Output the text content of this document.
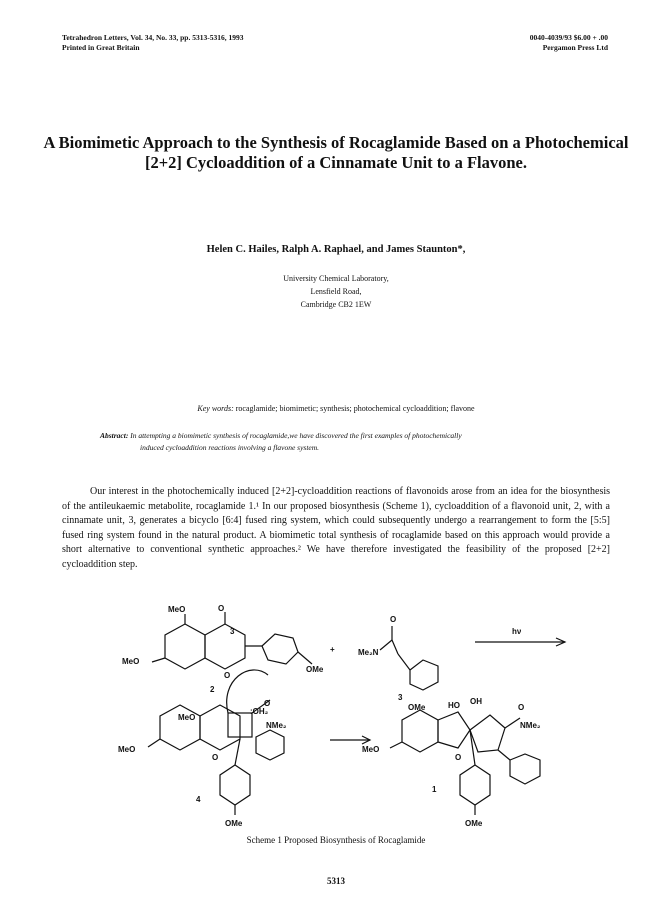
Tetrahedron Letters, Vol. 34, No. 33, pp. 5313-5316, 1993
Printed in Great Britain
0040-4039/93 $6.00 + .00
Pergamon Press Ltd
A Biomimetic Approach to the Synthesis of Rocaglamide Based on a Photochemical [2+2] Cycloaddition of a Cinnamate Unit to a Flavone.
Helen C. Hailes, Ralph A. Raphael, and James Staunton*,
University Chemical Laboratory,
Lensfield Road,
Cambridge CB2 1EW
Key words: rocaglamide; biomimetic; synthesis; photochemical cycloaddition; flavone
Abstract: In attempting a biomimetic synthesis of rocaglamide,we have discovered the first examples of photochemically
induced cycloaddition reactions involving a flavone system.

Our interest in the photochemically induced [2+2]-cycloaddition reactions of flavonoids arose from an idea for the biosynthesis of the antileukaemic metabolite, rocaglamide 1.¹ In our proposed biosynthesis (Scheme 1), cycloaddition of a flavonoid unit, 2, with a cinnamate unit, 3, generates a bicyclo [6:4] fused ring system, which could subsequently undergo a rearrangement to form the [5:5] fused ring system found in the natural product. A biomimetic total synthesis of rocaglamide based on this approach would provide a short alternative to conventional synthetic approaches.² We have therefore investigated the feasibility of the proposed [2+2] cycloaddition step.

MeO	O
3
MeO
O
OMe
2
+
O
Me₂N
3
hν
:OH₂
MeO
O
NMe₂
MeO
O
4
OMe
OMe	HO OH
O
NMe₂
MeO
O
1
OMe
Scheme 1 Proposed Biosynthesis of Rocaglamide
5313
